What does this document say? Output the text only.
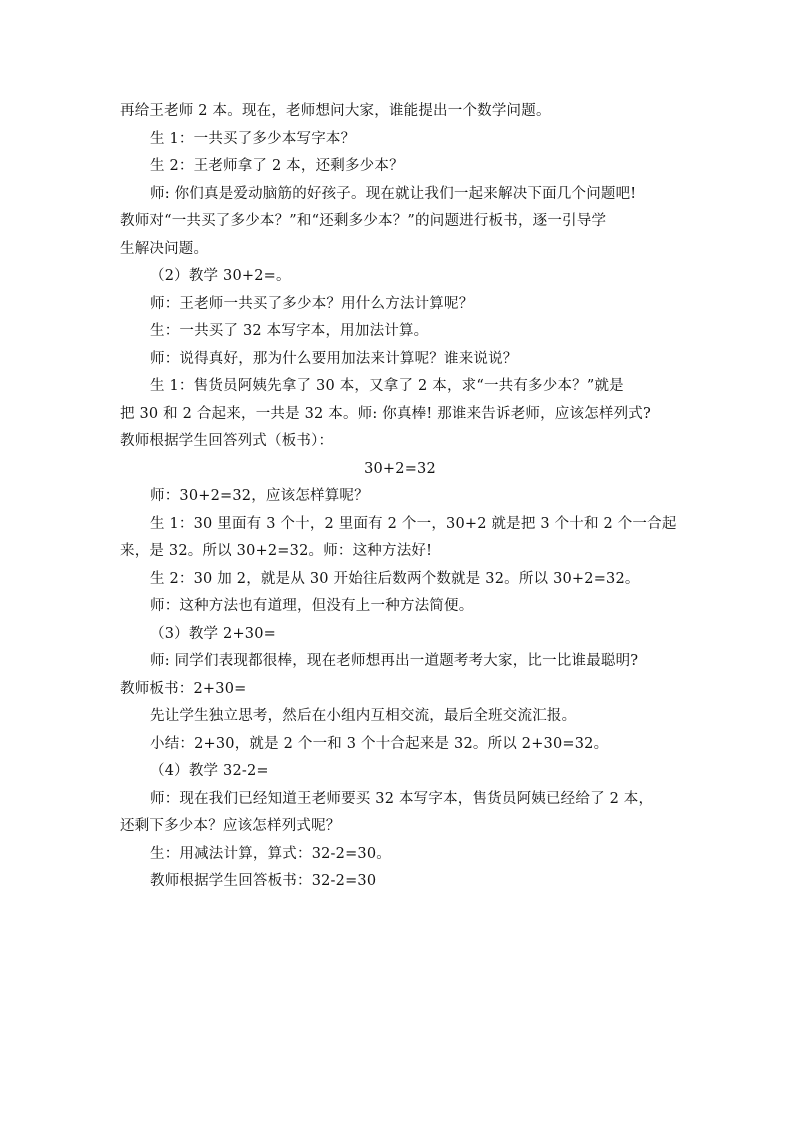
再给王老师 2 本。现在，老师想问大家，谁能提出一个数学问题。

生 1：一共买了多少本写字本？

生 2：王老师拿了 2 本，还剩多少本？

师: 你们真是爱动脑筋的好孩子。现在就让我们一起来解决下面几个问题吧!

教师对“一共买了多少本？”和“还剩多少本？”的问题进行板书，逐一引导学

生解决问题。

（2）教学 30+2=。

师：王老师一共买了多少本？用什么方法计算呢？

生：一共买了 32 本写字本，用加法计算。

师：说得真好，那为什么要用加法来计算呢？谁来说说？

生 1：售货员阿姨先拿了 30 本，又拿了 2 本，求“一共有多少本？”就是

把 30 和 2 合起来，一共是 32 本。师: 你真棒! 那谁来告诉老师，应该怎样列式?

教师根据学生回答列式（板书）：

30+2=32

师：30+2=32，应该怎样算呢？

生 1：30 里面有 3 个十，2 里面有 2 个一，30+2 就是把 3 个十和 2 个一合起

来，是 32。所以 30+2=32。师：这种方法好!

生 2：30 加 2，就是从 30 开始往后数两个数就是 32。所以 30+2=32。

师：这种方法也有道理，但没有上一种方法简便。

（3）教学 2+30=

师: 同学们表现都很棒，现在老师想再出一道题考考大家，比一比谁最聪明?

教师板书：2+30=

先让学生独立思考，然后在小组内互相交流，最后全班交流汇报。

小结：2+30，就是 2 个一和 3 个十合起来是 32。所以 2+30=32。

（4）教学 32-2=

师：现在我们已经知道王老师要买 32 本写字本，售货员阿姨已经给了 2 本，

还剩下多少本？应该怎样列式呢？

生：用减法计算，算式：32-2=30。

教师根据学生回答板书：32-2=30
